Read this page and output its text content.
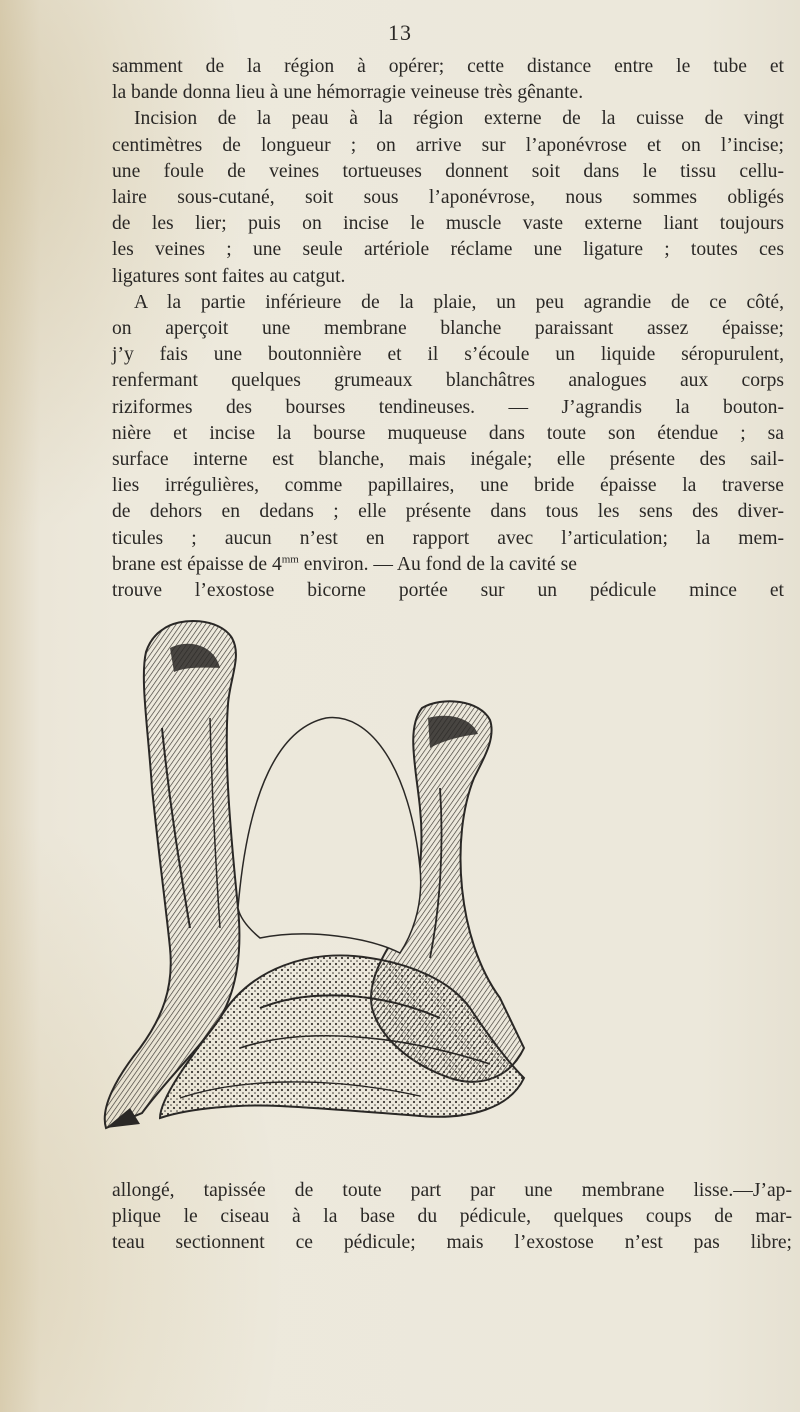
13
samment de la région à opérer; cette distance entre le tube et
la bande donna lieu à une hémorragie veineuse très gênante.
Incision de la peau à la région externe de la cuisse de vingt
centimètres de longueur ; on arrive sur l’aponévrose et on l’incise;
une foule de veines tortueuses donnent soit dans le tissu cellu-
laire sous-cutané, soit sous l’aponévrose, nous sommes obligés
de les lier; puis on incise le muscle vaste externe liant toujours
les veines ; une seule artériole réclame une ligature ; toutes ces
ligatures sont faites au catgut.
A la partie inférieure de la plaie, un peu agrandie de ce côté,
on aperçoit une membrane blanche paraissant assez épaisse;
j’y fais une boutonnière et il s’écoule un liquide séropurulent,
renfermant quelques grumeaux blanchâtres analogues aux corps
riziformes des bourses tendineuses. — J’agrandis la bouton-
nière et incise la bourse muqueuse dans toute son étendue ; sa
surface interne est blanche, mais inégale; elle présente des sail-
lies irrégulières, comme papillaires, une bride épaisse la traverse
de dehors en dedans ; elle présente dans tous les sens des diver-
ticules ; aucun n’est en rapport avec l’articulation; la mem-
brane est épaisse de $4^{mm}$ environ. — Au fond de la cavité se
trouve l’exostose bicorne portée sur un pédicule mince et
allongé, tapissée de toute part par une membrane lisse.—J’ap-
plique le ciseau à la base du pédicule, quelques coups de mar-
teau sectionnent ce pédicule; mais l’exostose n’est pas libre;
